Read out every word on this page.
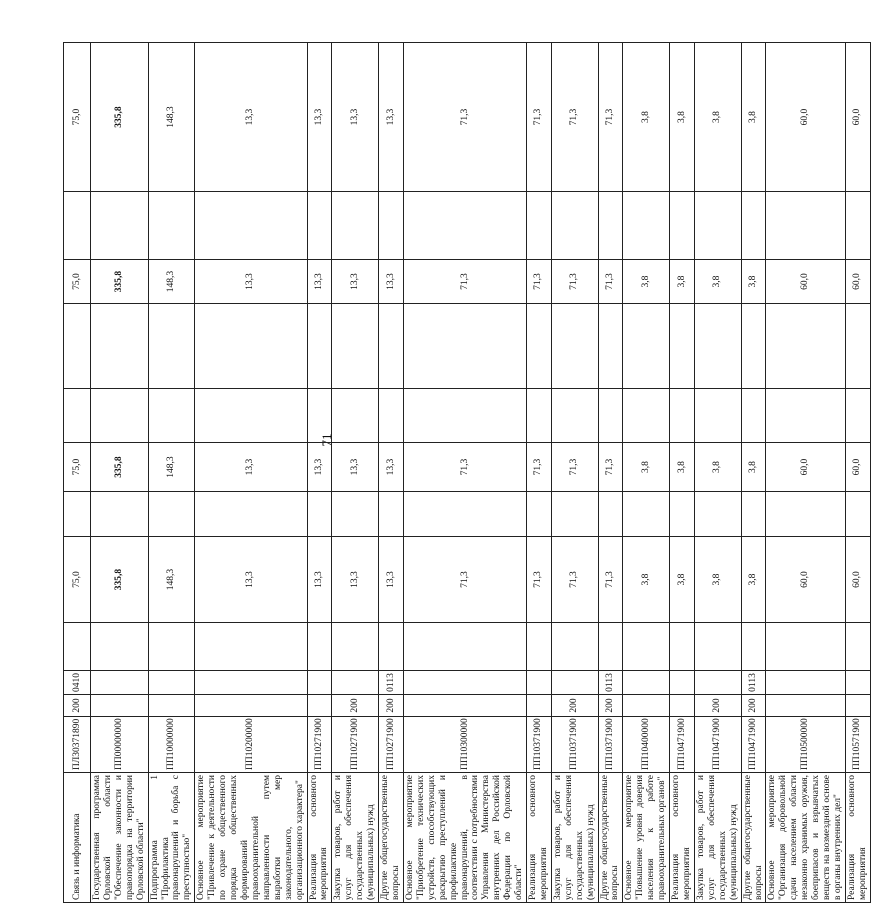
71
Связь и информатика	ПЛ30371890	200	0410		75,0		75,0			75,0		75,0	
Государственная программа Орловской области "Обеспечение законности и правопорядка на территории Орловской области"	ПП00000000				335,8		335,8			335,8		335,8	
Подпрограмма 1 "Профилактика правонарушений и борьба с преступностью"	ПП10000000				148,3		148,3			148,3		148,3	
Основное мероприятие "Привлечение к деятельности по охране общественного порядка общественных формирований правоохранительной направленности путем выработки мер законодательного, организационного характера"	ПП10200000				13,3		13,3			13,3		13,3	
Реализация основного мероприятия	ПП10271900				13,3		13,3			13,3		13,3	
Закупка товаров, работ и услуг для обеспечения государственных (муниципальных) нужд	ПП10271900	200			13,3		13,3			13,3		13,3	
Другие общегосударственные вопросы	ПП10271900	200	0113		13,3		13,3			13,3		13,3	
Основное мероприятие "Приобретение технических устройств, способствующих раскрытию преступлений и профилактике правонарушений, в соответствии с потребностями Управления Министерства внутренних дел Российской Федерации по Орловской области"	ПП10300000				71,3		71,3			71,3		71,3	
Реализация основного мероприятия	ПП10371900				71,3		71,3			71,3		71,3	
Закупка товаров, работ и услуг для обеспечения государственных (муниципальных) нужд	ПП10371900	200			71,3		71,3			71,3		71,3	
Другие общегосударственные вопросы	ПП10371900	200	0113		71,3		71,3			71,3		71,3	
Основное мероприятие "Повышение уровня доверия населения к работе правоохранительных органов"	ПП10400000				3,8		3,8			3,8		3,8	
Реализация основного мероприятия	ПП10471900				3,8		3,8			3,8		3,8	
Закупка товаров, работ и услуг для обеспечения государственных (муниципальных) нужд	ПП10471900	200			3,8		3,8			3,8		3,8	
Другие общегосударственные вопросы	ПП10471900	200	0113		3,8		3,8			3,8		3,8	
Основное мероприятие "Организация добровольной сдачи населением области незаконно хранимых оружия, боеприпасов и взрывчатых веществ на возмездной основе в органы внутренних дел"	ПП10500000				60,0		60,0			60,0		60,0	
Реализация основного мероприятия	ПП10571900				60,0		60,0			60,0		60,0	
